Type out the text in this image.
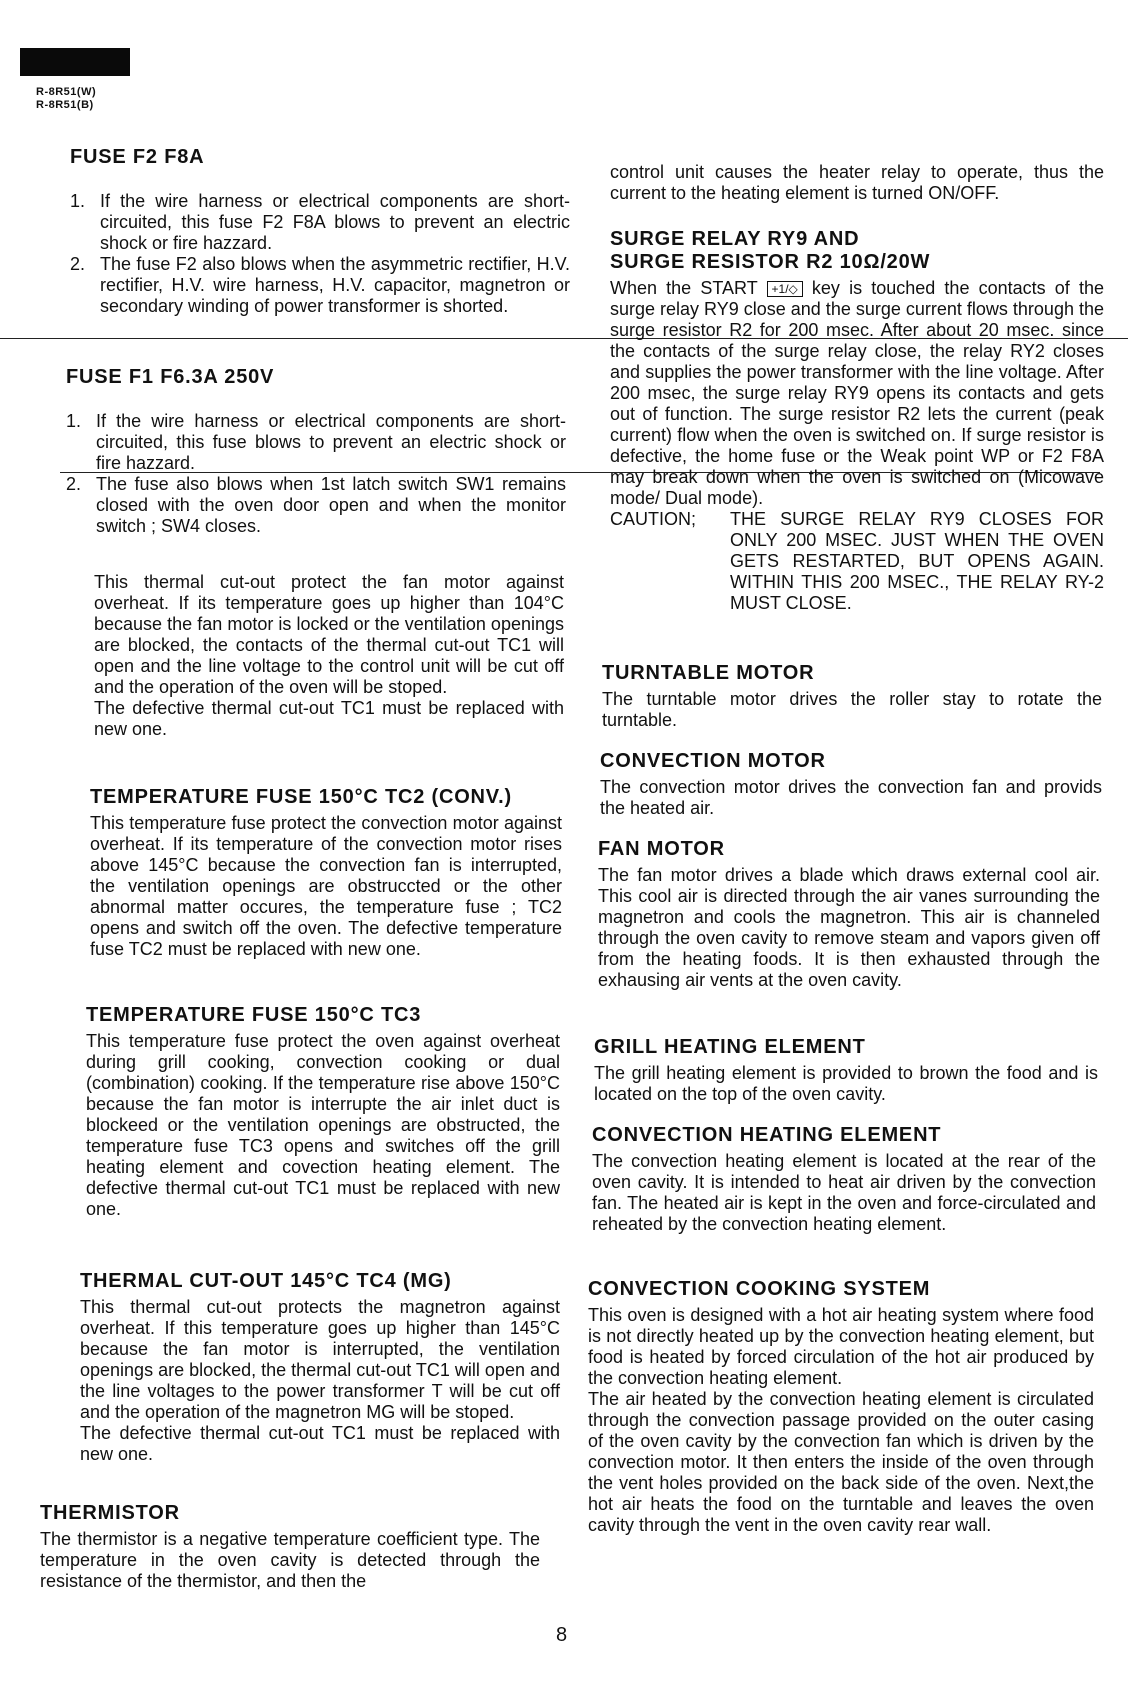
R-8R51(W)
R-8R51(B)
FUSE F2 F8A
1. If the wire harness or electrical components are short-circuited, this fuse F2 F8A blows to prevent an electric shock or fire hazzard.
2. The fuse F2 also blows when the asymmetric rectifier, H.V. rectifier, H.V. wire harness, H.V. capacitor, magnetron or secondary winding of power transformer is shorted.
FUSE F1 F6.3A 250V
1. If the wire harness or electrical components are short-circuited, this fuse blows to prevent an electric shock or fire hazzard.
2. The fuse also blows when 1st latch switch SW1 remains closed with the oven door open and when the monitor switch ; SW4 closes.

This thermal cut-out protect the fan motor against overheat. If its temperature goes up higher than 104°C because the fan motor is locked or the ventilation openings are blocked, the contacts of the thermal cut-out TC1 will open and the line voltage to the control unit will be cut off and the operation of the oven will be stoped.

The defective thermal cut-out TC1 must be replaced with new one.

TEMPERATURE FUSE 150°C TC2 (CONV.)

This temperature fuse protect the convection motor against overheat. If its temperature of the convection motor rises above 145°C because the convection fan is interrupted, the ventilation openings are obstruccted or the other abnormal matter occures, the temperature fuse ; TC2 opens and switch off the oven. The defective temperature fuse TC2 must be replaced with new one.

TEMPERATURE FUSE 150°C TC3

This temperature fuse protect the oven against overheat during grill cooking, convection cooking or dual (combination) cooking. If the temperature rise above 150°C because the fan motor is interrupte the air inlet duct is blockeed or the ventilation openings are obstructed, the temperature fuse TC3 opens and switches off the grill heating element and covection heating element. The defective thermal cut-out TC1 must be replaced with new one.

THERMAL CUT-OUT 145°C TC4 (MG)

This thermal cut-out protects the magnetron against overheat. If this temperature goes up higher than 145°C because the fan motor is interrupted, the ventilation openings are blocked, the thermal cut-out TC1 will open and the line voltages to the power transformer T will be cut off and the operation of the magnetron MG will be stoped.

The defective thermal cut-out TC1 must be replaced with new one.

THERMISTOR

The thermistor is a negative temperature coefficient type. The temperature in the oven cavity is detected through the resistance of the thermistor, and then the

control unit causes the heater relay to operate, thus the current to the heating element is turned ON/OFF.

SURGE RELAY RY9 AND
SURGE RESISTOR R2 10Ω/20W

When the START +1/◇ key is touched the contacts of the surge relay RY9 close and the surge current flows through the surge resistor R2 for 200 msec. After about 20 msec. since the contacts of the surge relay close, the relay RY2 closes and supplies the power transformer with the line voltage. After 200 msec, the surge relay RY9 opens its contacts and gets out of function. The surge resistor R2 lets the current (peak current) flow when the oven is switched on. If surge resistor is defective, the home fuse or the Weak point WP or F2 F8A may break down when the oven is switched on (Micowave mode/ Dual mode).

CAUTION;	THE SURGE RELAY RY9 CLOSES FOR ONLY 200 MSEC. JUST WHEN THE OVEN GETS RESTARTED, BUT OPENS AGAIN. WITHIN THIS 200 MSEC., THE RELAY RY-2 MUST CLOSE.
TURNTABLE MOTOR

The turntable motor drives the roller stay to rotate the turntable.

CONVECTION MOTOR

The convection motor drives the convection fan and provids the heated air.

FAN MOTOR

The fan motor drives a blade which draws external cool air. This cool air is directed through the air vanes surrounding the magnetron and cools the magnetron. This air is channeled through the oven cavity to remove steam and vapors given off from the heating foods. It is then exhausted through the exhausing air vents at the oven cavity.

GRILL HEATING ELEMENT

The grill heating element is provided to brown the food and is located on the top of the oven cavity.

CONVECTION HEATING ELEMENT

The convection heating element is located at the rear of the oven cavity. It is intended to heat air driven by the convection fan. The heated air is kept in the oven and force-circulated and reheated by the convection heating element.

CONVECTION COOKING SYSTEM

This oven is designed with a hot air heating system where food is not directly heated up by the convection heating element, but food is heated by forced circulation of the hot air produced by the convection heating element.

The air heated by the convection heating element is circulated through the convection passage provided on the outer casing of the oven cavity by the convection fan which is driven by the convection motor. It then enters the inside of the oven through the vent holes provided on the back side of the oven. Next,the hot air heats the food on the turntable and leaves the oven cavity through the vent in the oven cavity rear wall.

8
